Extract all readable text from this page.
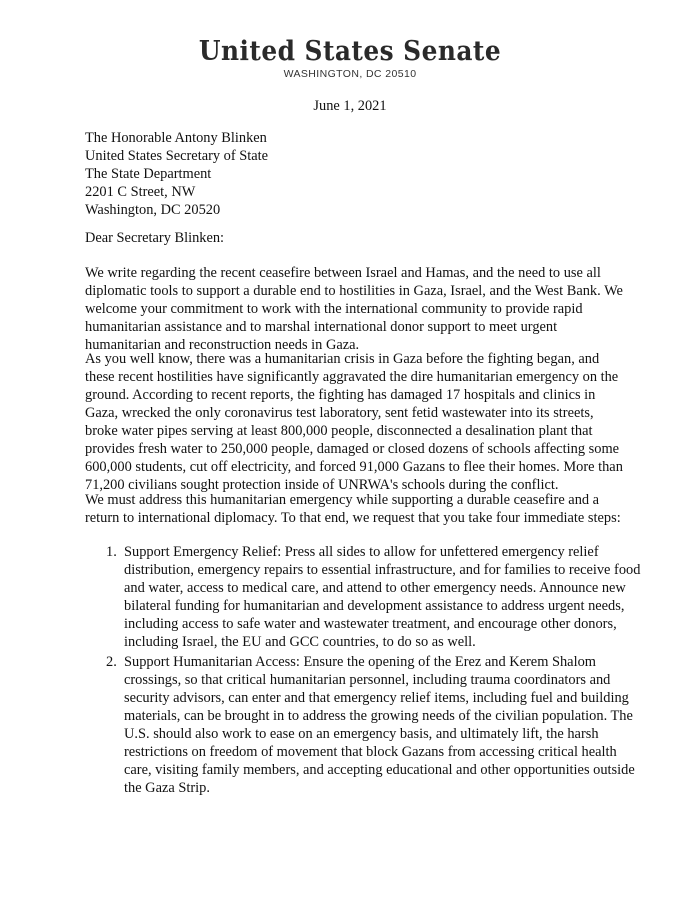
United States Senate
WASHINGTON, DC 20510
June 1, 2021
The Honorable Antony Blinken
United States Secretary of State
The State Department
2201 C Street, NW
Washington, DC 20520
Dear Secretary Blinken:

We write regarding the recent ceasefire between Israel and Hamas, and the need to use all diplomatic tools to support a durable end to hostilities in Gaza, Israel, and the West Bank. We welcome your commitment to work with the international community to provide rapid humanitarian assistance and to marshal international donor support to meet urgent humanitarian and reconstruction needs in Gaza.

As you well know, there was a humanitarian crisis in Gaza before the fighting began, and these recent hostilities have significantly aggravated the dire humanitarian emergency on the ground. According to recent reports, the fighting has damaged 17 hospitals and clinics in Gaza, wrecked the only coronavirus test laboratory, sent fetid wastewater into its streets, broke water pipes serving at least 800,000 people, disconnected a desalination plant that provides fresh water to 250,000 people, damaged or closed dozens of schools affecting some 600,000 students, cut off electricity, and forced 91,000 Gazans to flee their homes. More than 71,200 civilians sought protection inside of UNRWA's schools during the conflict.

We must address this humanitarian emergency while supporting a durable ceasefire and a return to international diplomacy. To that end, we request that you take four immediate steps:

1. Support Emergency Relief: Press all sides to allow for unfettered emergency relief distribution, emergency repairs to essential infrastructure, and for families to receive food and water, access to medical care, and attend to other emergency needs. Announce new bilateral funding for humanitarian and development assistance to address urgent needs, including access to safe water and wastewater treatment, and encourage other donors, including Israel, the EU and GCC countries, to do so as well.
2. Support Humanitarian Access: Ensure the opening of the Erez and Kerem Shalom crossings, so that critical humanitarian personnel, including trauma coordinators and security advisors, can enter and that emergency relief items, including fuel and building materials, can be brought in to address the growing needs of the civilian population. The U.S. should also work to ease on an emergency basis, and ultimately lift, the harsh restrictions on freedom of movement that block Gazans from accessing critical health care, visiting family members, and accepting educational and other opportunities outside the Gaza Strip.
